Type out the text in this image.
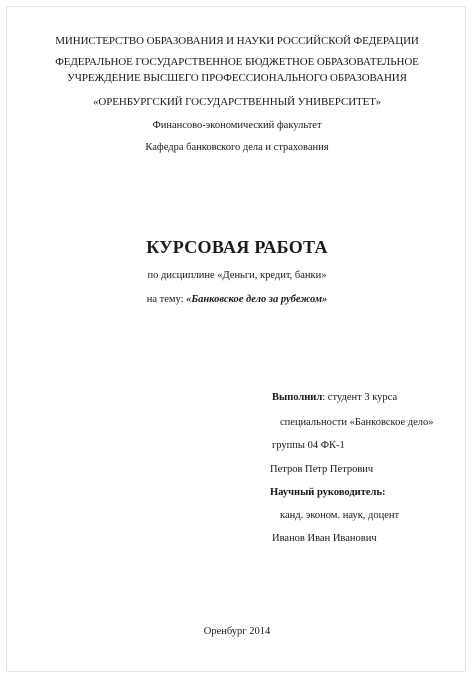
МИНИСТЕРСТВО ОБРАЗОВАНИЯ И НАУКИ РОССИЙСКОЙ ФЕДЕРАЦИИ
ФЕДЕРАЛЬНОЕ ГОСУДАРСТВЕННОЕ БЮДЖЕТНОЕ ОБРАЗОВАТЕЛЬНОЕ
УЧРЕЖДЕНИЕ ВЫСШЕГО ПРОФЕССИОНАЛЬНОГО ОБРАЗОВАНИЯ
«ОРЕНБУРГСКИЙ ГОСУДАРСТВЕННЫЙ УНИВЕРСИТЕТ»
Финансово-экономический факультет
Кафедра банковского дела и страхования
КУРСОВАЯ РАБОТА
по дисциплине «Деньги, кредит, банки»
на тему: «Банковское дело за рубежом»
Выполнил: студент 3 курса
специальности «Банковское дело»
группы 04 ФК-1
Петров Петр Петрович
Научный руководитель:
канд. эконом. наук, доцент
Иванов Иван Иванович
Оренбург 2014
